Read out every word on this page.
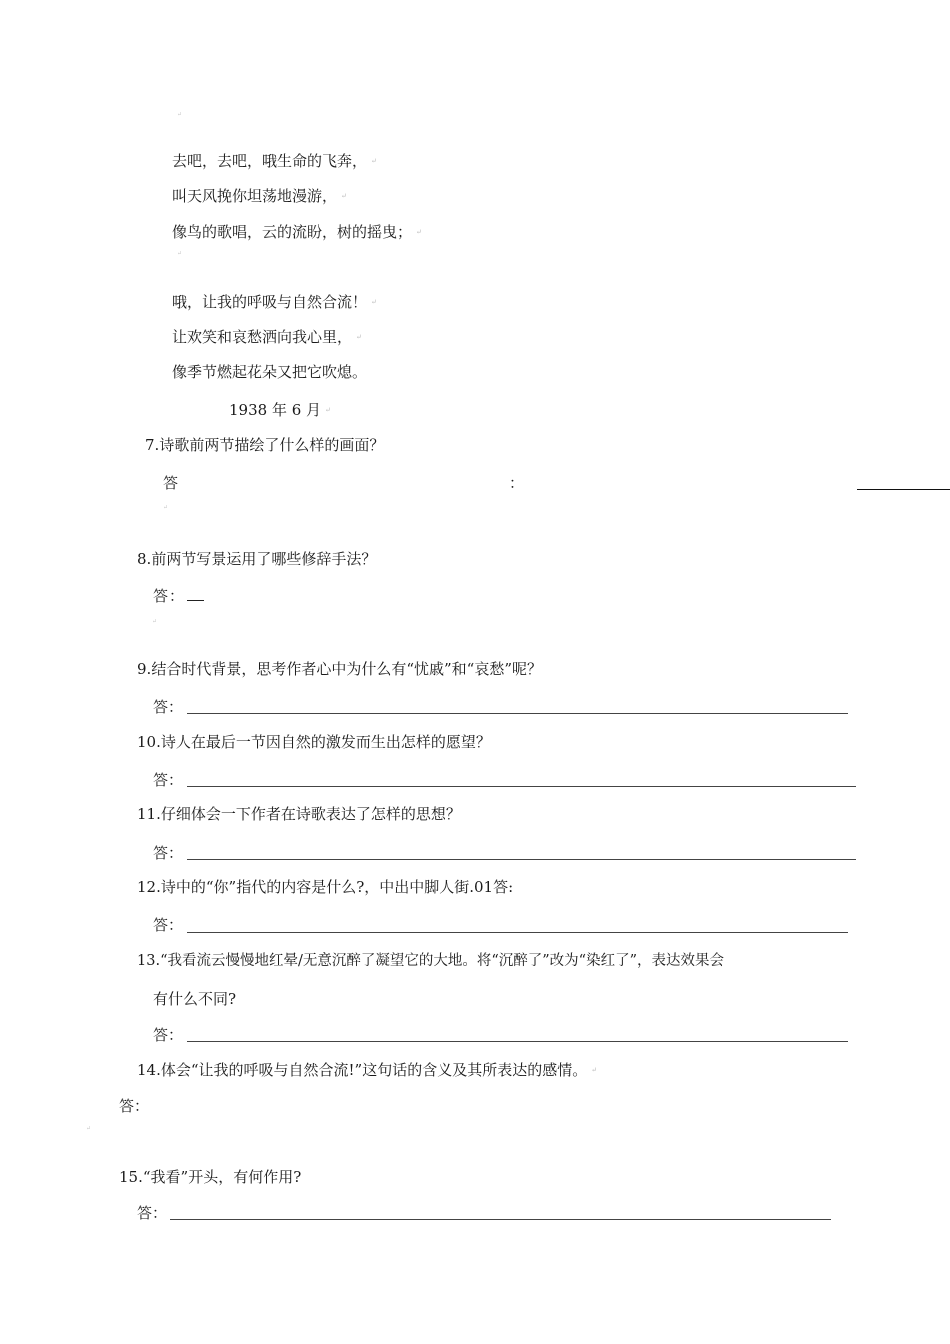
↵
去吧，去吧，哦生命的飞奔， ↵
叫天风挽你坦荡地漫游， ↵
像鸟的歌唱，云的流盼，树的摇曳； ↵
↵
哦，让我的呼吸与自然合流！ ↵
让欢笑和哀愁洒向我心里， ↵
像季节燃起花朵又把它吹熄。
1938 年 6 月 ↵
7.诗歌前两节描绘了什么样的画面？
答	：
↵
8.前两节写景运用了哪些修辞手法？
答：
↵
9.结合时代背景，思考作者心中为什么有“忧戚”和“哀愁”呢？
答：
10.诗人在最后一节因自然的激发而生出怎样的愿望？
答：
11.仔细体会一下作者在诗歌表达了怎样的思想？
答：
12.诗中的“你”指代的内容是什么?，中出中脚人街.01答:
答：
13.“我看流云慢慢地红晕/无意沉醉了凝望它的大地。将“沉醉了”改为“染红了”，表达效果会
有什么不同?
答：
14.体会“让我的呼吸与自然合流!”这句话的含义及其所表达的感情。 ↵
答：
↵
15.“我看”开头，有何作用?
答：
